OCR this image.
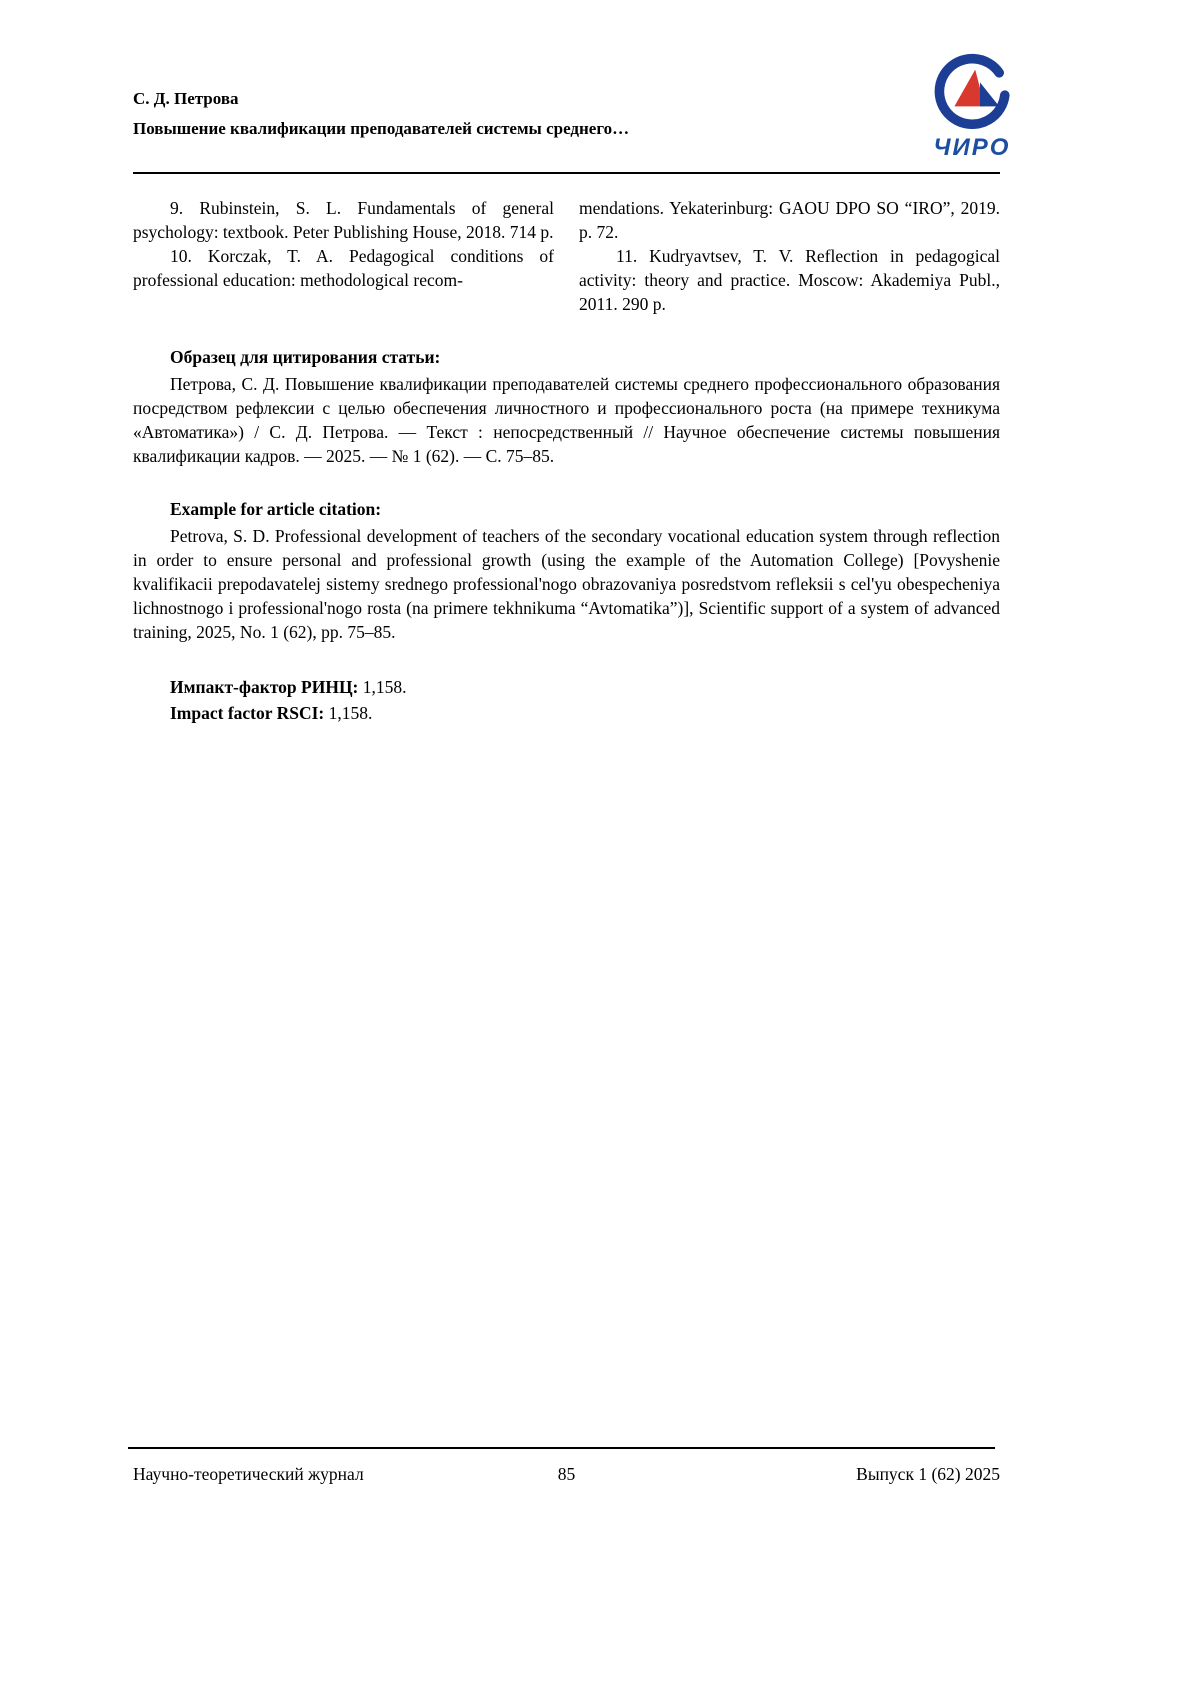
С. Д. Петрова
Повышение квалификации преподавателей системы среднего…
ЧИРО

9. Rubinstein, S. L. Fundamentals of general psychology: textbook. Peter Publishing House, 2018. 714 p.

10. Korczak, T. A. Pedagogical conditions of professional education: methodological recom-

mendations. Yekaterinburg: GAOU DPO SO “IRO”, 2019. p. 72.

11. Kudryavtsev, T. V. Reflection in pedagogical activity: theory and practice. Moscow: Akademiya Publ., 2011. 290 p.

Образец для цитирования статьи:

Петрова, С. Д. Повышение квалификации преподавателей системы среднего профессионального образования посредством рефлексии с целью обеспечения личностного и профессионального роста (на примере техникума «Автоматика») / С. Д. Петрова. — Текст : непосредственный // Научное обеспечение системы повышения квалификации кадров. — 2025. — № 1 (62). — С. 75–85.

Example for article citation:

Petrova, S. D. Professional development of teachers of the secondary vocational education system through reflection in order to ensure personal and professional growth (using the example of the Automation College) [Povyshenie kvalifikacii prepodavatelej sistemy srednego professional'nogo obrazovaniya posredstvom refleksii s cel'yu obespecheniya lichnostnogo i professional'nogo rosta (na primere tekhnikuma “Avtomatika”)], Scientific support of a system of advanced training, 2025, No. 1 (62), pp. 75–85.

Импакт-фактор РИНЦ: 1,158.

Impact factor RSCI: 1,158.

Научно-теоретический журнал	85	Выпуск 1 (62) 2025
